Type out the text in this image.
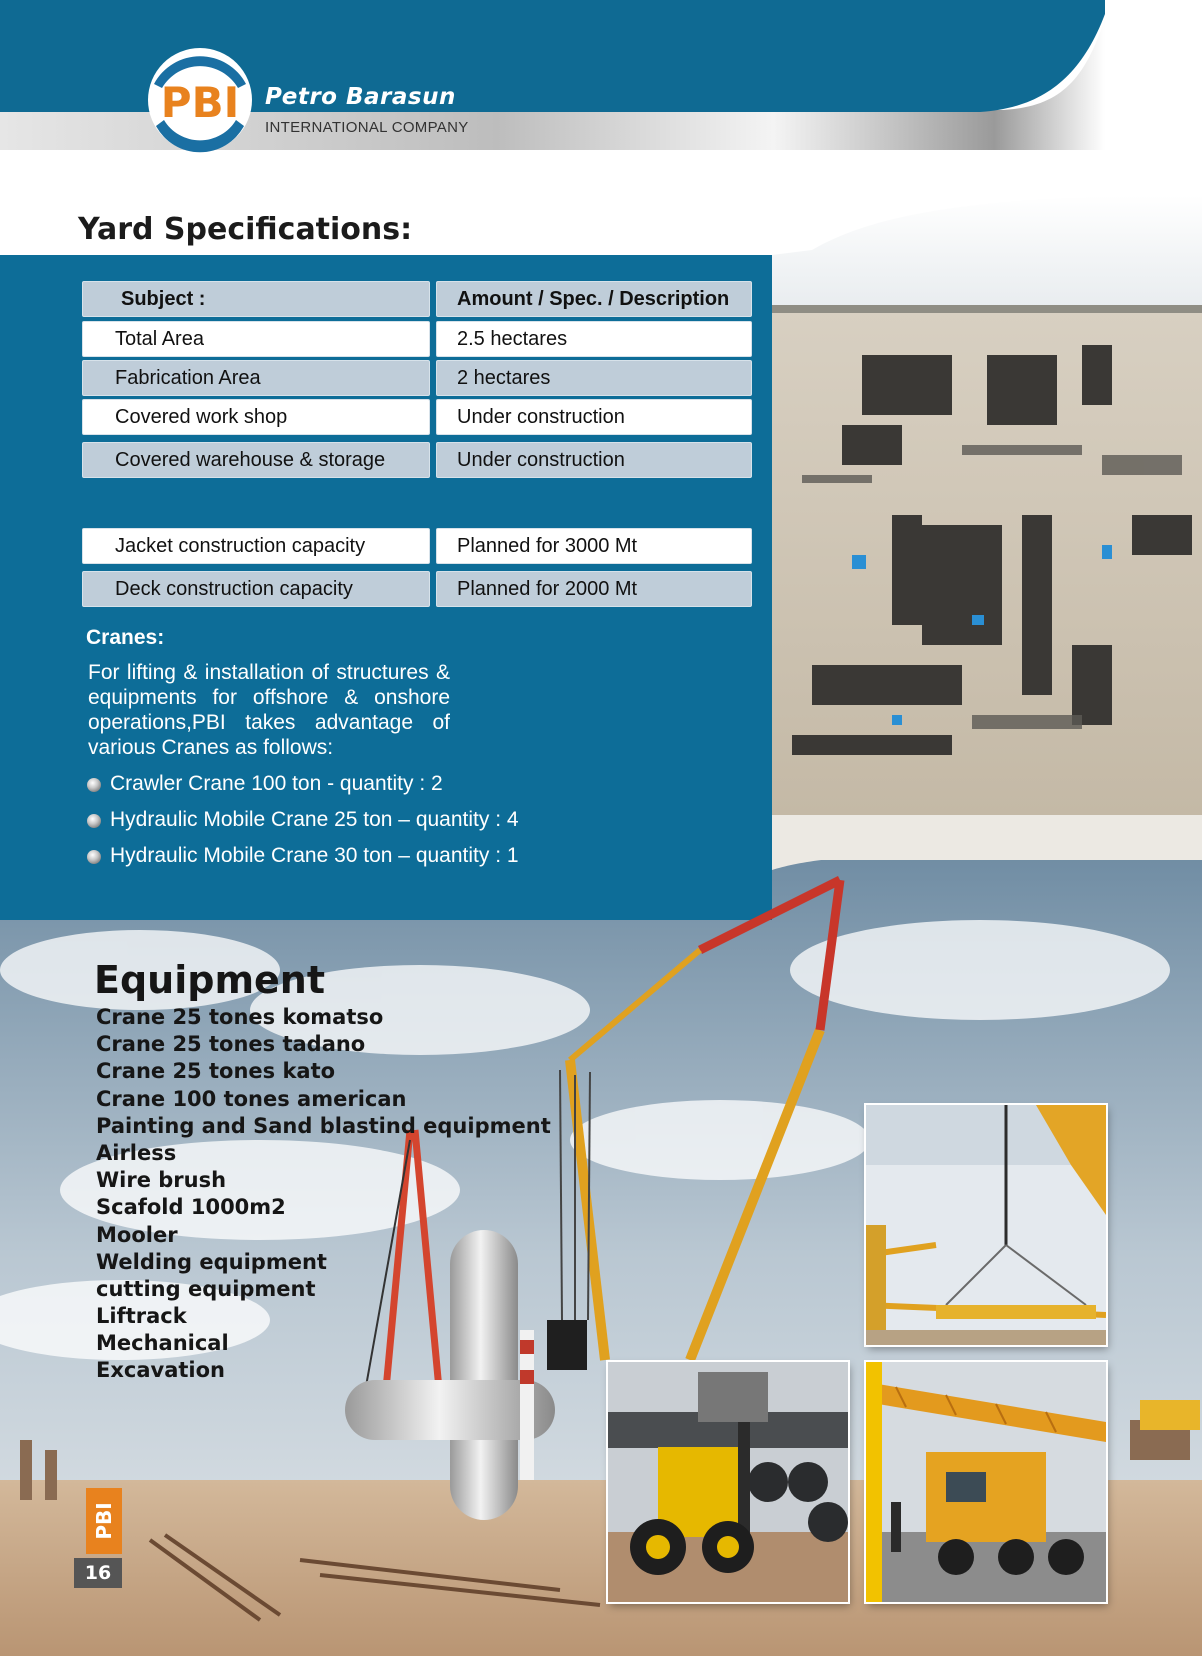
PBI Petro Barasun
INTERNATIONAL COMPANY
Yard Specifications:
Subject :	Amount / Spec. / Description
Total Area	2.5 hectares
Fabrication Area	2 hectares
Covered work shop	Under construction
Covered warehouse & storage	Under construction
Jacket construction capacity	Planned for 3000 Mt
Deck construction capacity	Planned for 2000 Mt
Cranes:
For lifting & installation of structures & equipments for offshore & onshore operations,PBI takes advantage of various Cranes as follows:
Crawler Crane 100 ton - quantity : 2
Hydraulic Mobile Crane 25 ton – quantity : 4
Hydraulic Mobile Crane 30 ton – quantity : 1
Equipment
Crane 25 tones komatso
Crane 25 tones tadano
Crane 25 tones kato
Crane 100 tones american
Painting and Sand blastind equipment
Airless
Wire brush
Scafold 1000m2
Mooler
Welding equipment
cutting equipment
Liftrack
Mechanical
Excavation
PBI
16
